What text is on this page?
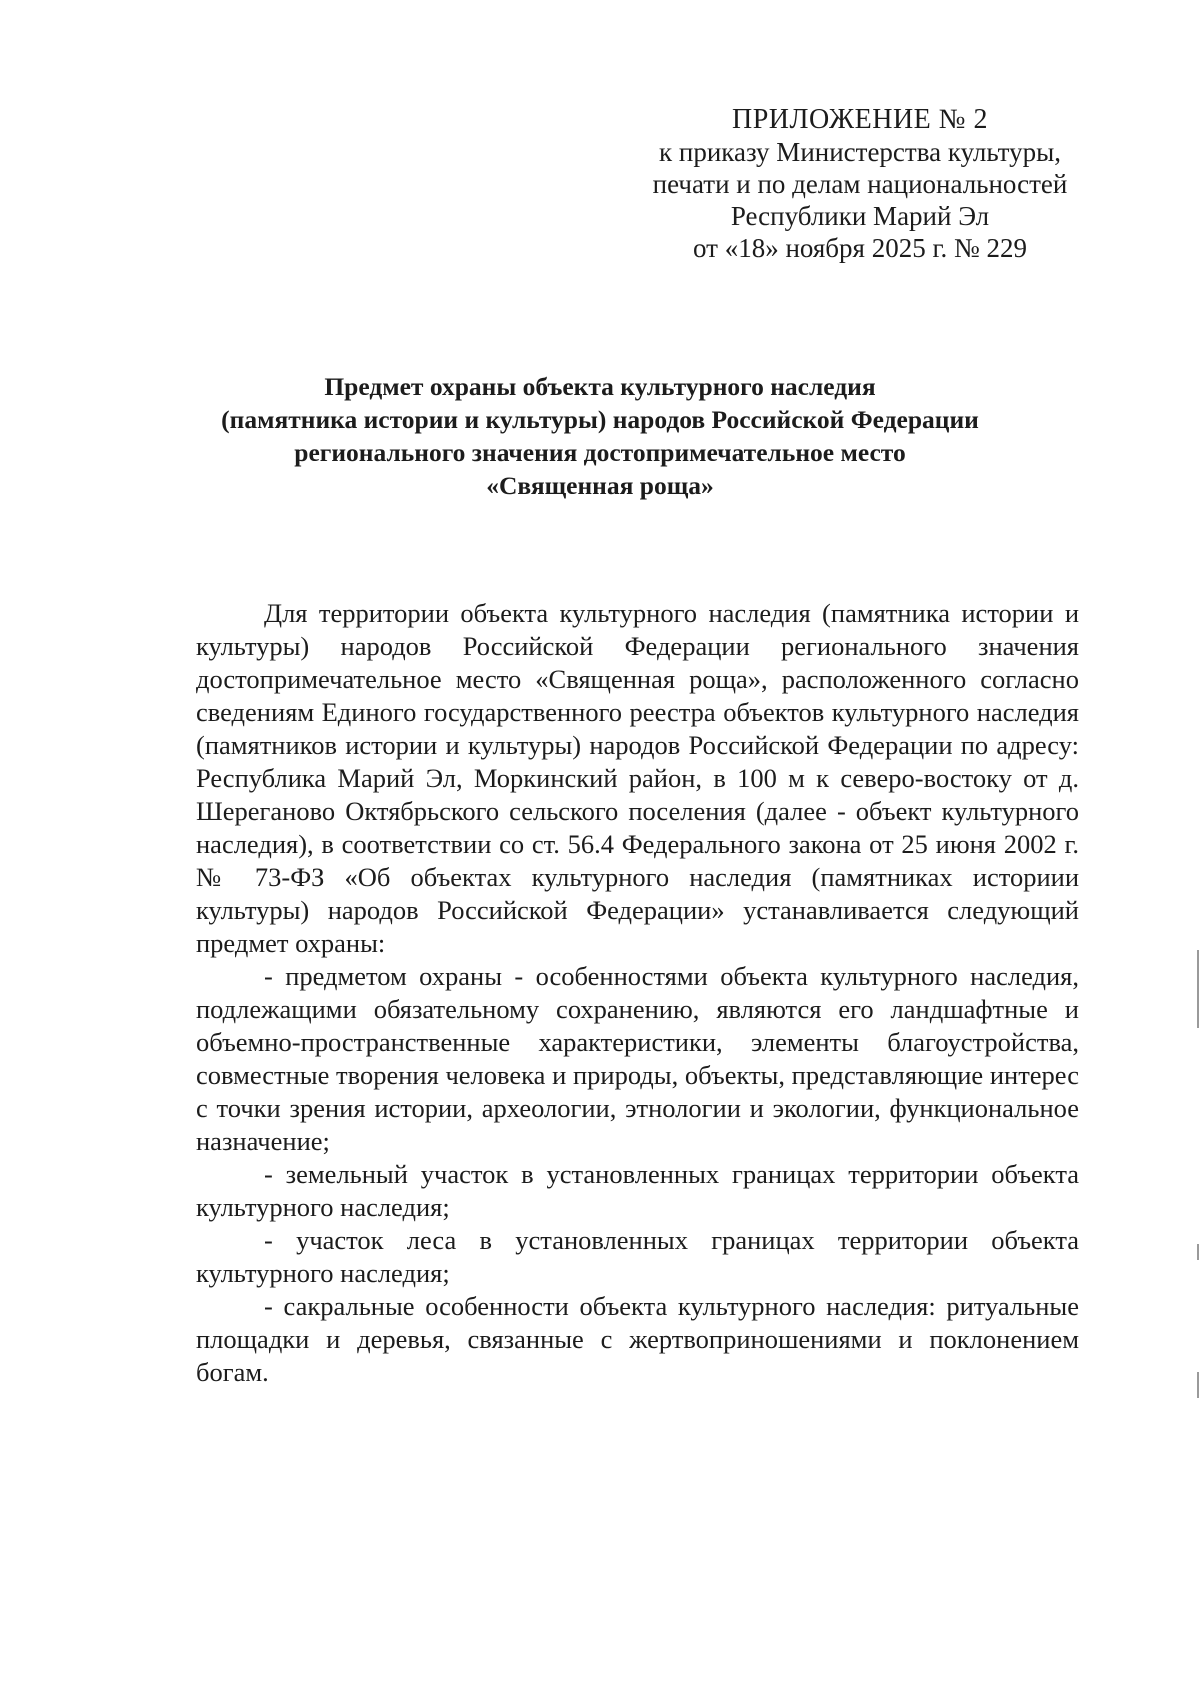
ПРИЛОЖЕНИЕ № 2
к приказу Министерства культуры,
печати и по делам национальностей
Республики Марий Эл
от «18» ноября 2025 г. № 229
Предмет охраны объекта культурного наследия
(памятника истории и культуры) народов Российской Федерации
регионального значения достопримечательное место
«Священная роща»

Для территории объекта культурного наследия (памятника истории и культуры) народов Российской Федерации регионального значения достопримечательное место «Священная роща», расположенного согласно сведениям Единого государственного реестра объектов культурного наследия (памятников истории и культуры) народов Российской Федерации по адресу: Республика Марий Эл, Моркинский район, в 100 м к северо-востоку от д. Шереганово Октябрьского сельского поселения (далее - объект культурного наследия), в соответствии со ст. 56.4 Федерального закона от 25 июня 2002 г. № 73-ФЗ «Об объектах культурного наследия (памятниках историии культуры) народов Российской Федерации» устанавливается следующий предмет охраны:

- предметом охраны - особенностями объекта культурного наследия, подлежащими обязательному сохранению, являются его ландшафтные и объемно-пространственные характеристики, элементы благоустройства, совместные творения человека и природы, объекты, представляющие интерес с точки зрения истории, археологии, этнологии и экологии, функциональное назначение;

- земельный участок в установленных границах территории объекта культурного наследия;

- участок леса в установленных границах территории объекта культурного наследия;

- сакральные особенности объекта культурного наследия: ритуальные площадки и деревья, связанные с жертвоприношениями и поклонением богам.
